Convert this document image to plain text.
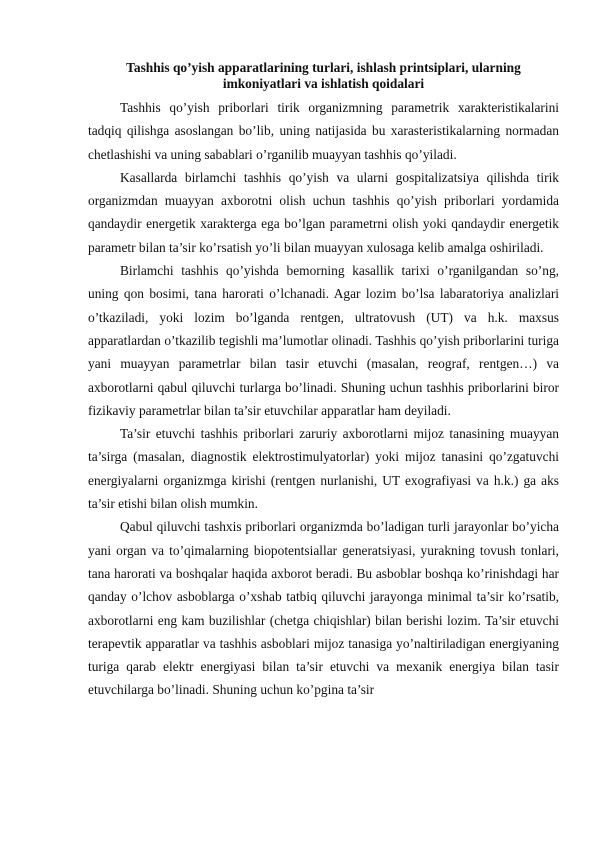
Tashhis qo’yish apparatlarining turlari, ishlash printsiplari, ularning imkoniyatlari va ishlatish qoidalari

Tashhis qo’yish priborlari tirik organizmning parametrik xarakteristikalarini tadqiq qilishga asoslangan bo’lib, uning natijasida bu xarasteristikalarning normadan chetlashishi va uning sabablari o’rganilib muayyan tashhis qo’yiladi.

Kasallarda birlamchi tashhis qo’yish va ularni gospitalizatsiya qilishda tirik organizmdan muayyan axborotni olish uchun tashhis qo’yish priborlari yordamida qandaydir energetik xarakterga ega bo’lgan parametrni olish yoki qandaydir energetik parametr bilan ta’sir ko’rsatish yo’li bilan muayyan xulosaga kelib amalga oshiriladi.

Birlamchi tashhis qo’yishda bemorning kasallik tarixi o’rganilgandan so’ng, uning qon bosimi, tana harorati o’lchanadi. Agar lozim bo’lsa labaratoriya analizlari o’tkaziladi, yoki lozim bo’lganda rentgen, ultratovush (UT) va h.k. maxsus apparatlardan o’tkazilib tegishli ma’lumotlar olinadi. Tashhis qo’yish priborlarini turiga yani muayyan parametrlar bilan tasir etuvchi (masalan, reograf, rentgen…) va axborotlarni qabul qiluvchi turlarga bo’linadi. Shuning uchun tashhis priborlarini biror fizikaviy parametrlar bilan ta’sir etuvchilar apparatlar ham deyiladi.

Ta’sir etuvchi tashhis priborlari zaruriy axborotlarni mijoz tanasining muayyan ta’sirga (masalan, diagnostik elektrostimulyatorlar) yoki mijoz tanasini qo’zgatuvchi energiyalarni organizmga kirishi (rentgen nurlanishi, UT exografiyasi va h.k.) ga aks ta’sir etishi bilan olish mumkin.

Qabul qiluvchi tashxis priborlari organizmda bo’ladigan turli jarayonlar bo’yicha yani organ va to’qimalarning biopotentsiallar generatsiyasi, yurakning tovush tonlari, tana harorati va boshqalar haqida axborot beradi. Bu asboblar boshqa ko’rinishdagi har qanday o’lchov asboblarga o’xshab tatbiq qiluvchi jarayonga minimal ta’sir ko’rsatib, axborotlarni eng kam buzilishlar (chetga chiqishlar) bilan berishi lozim. Ta’sir etuvchi terapevtik apparatlar va tashhis asboblari mijoz tanasiga yo’naltiriladigan energiyaning turiga qarab elektr energiyasi bilan ta’sir etuvchi va mexanik energiya bilan tasir etuvchilarga bo’linadi. Shuning uchun ko’pgina ta’sir
